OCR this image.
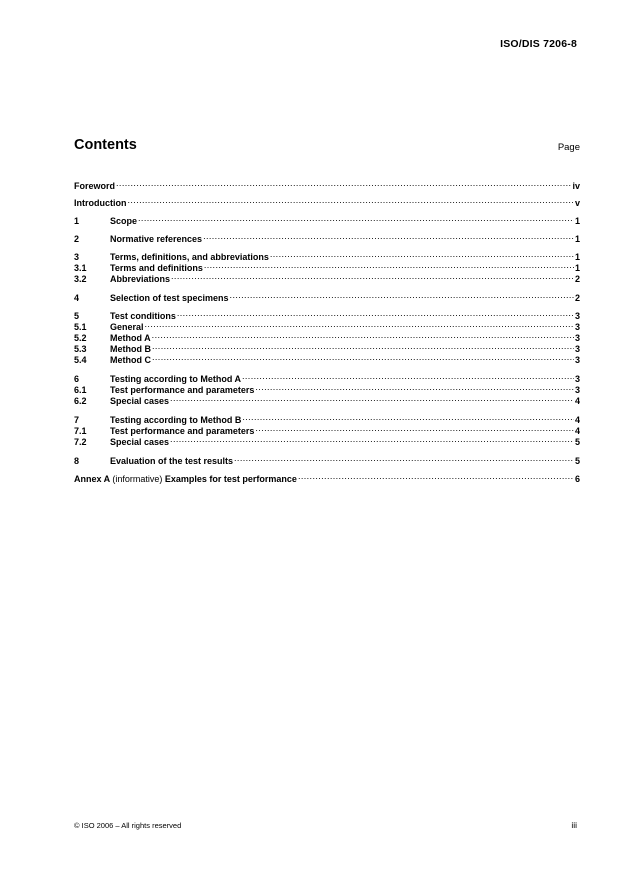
ISO/DIS 7206-8
Contents	Page
Foreword .....	iv
Introduction .....	v
1	Scope .....	1
2	Normative references .....	1
3	Terms, definitions, and abbreviations .....	1
3.1	Terms and definitions .....	1
3.2	Abbreviations .....	2
4	Selection of test specimens .....	2
5	Test conditions .....	3
5.1	General .....	3
5.2	Method A .....	3
5.3	Method B .....	3
5.4	Method C .....	3
6	Testing according to Method A .....	3
6.1	Test performance and parameters .....	3
6.2	Special cases .....	4
7	Testing according to Method B .....	4
7.1	Test performance and parameters .....	4
7.2	Special cases .....	5
8	Evaluation of the test results .....	5
Annex A (informative) Examples for test performance .....	6
© ISO 2006 – All rights reserved	iii
